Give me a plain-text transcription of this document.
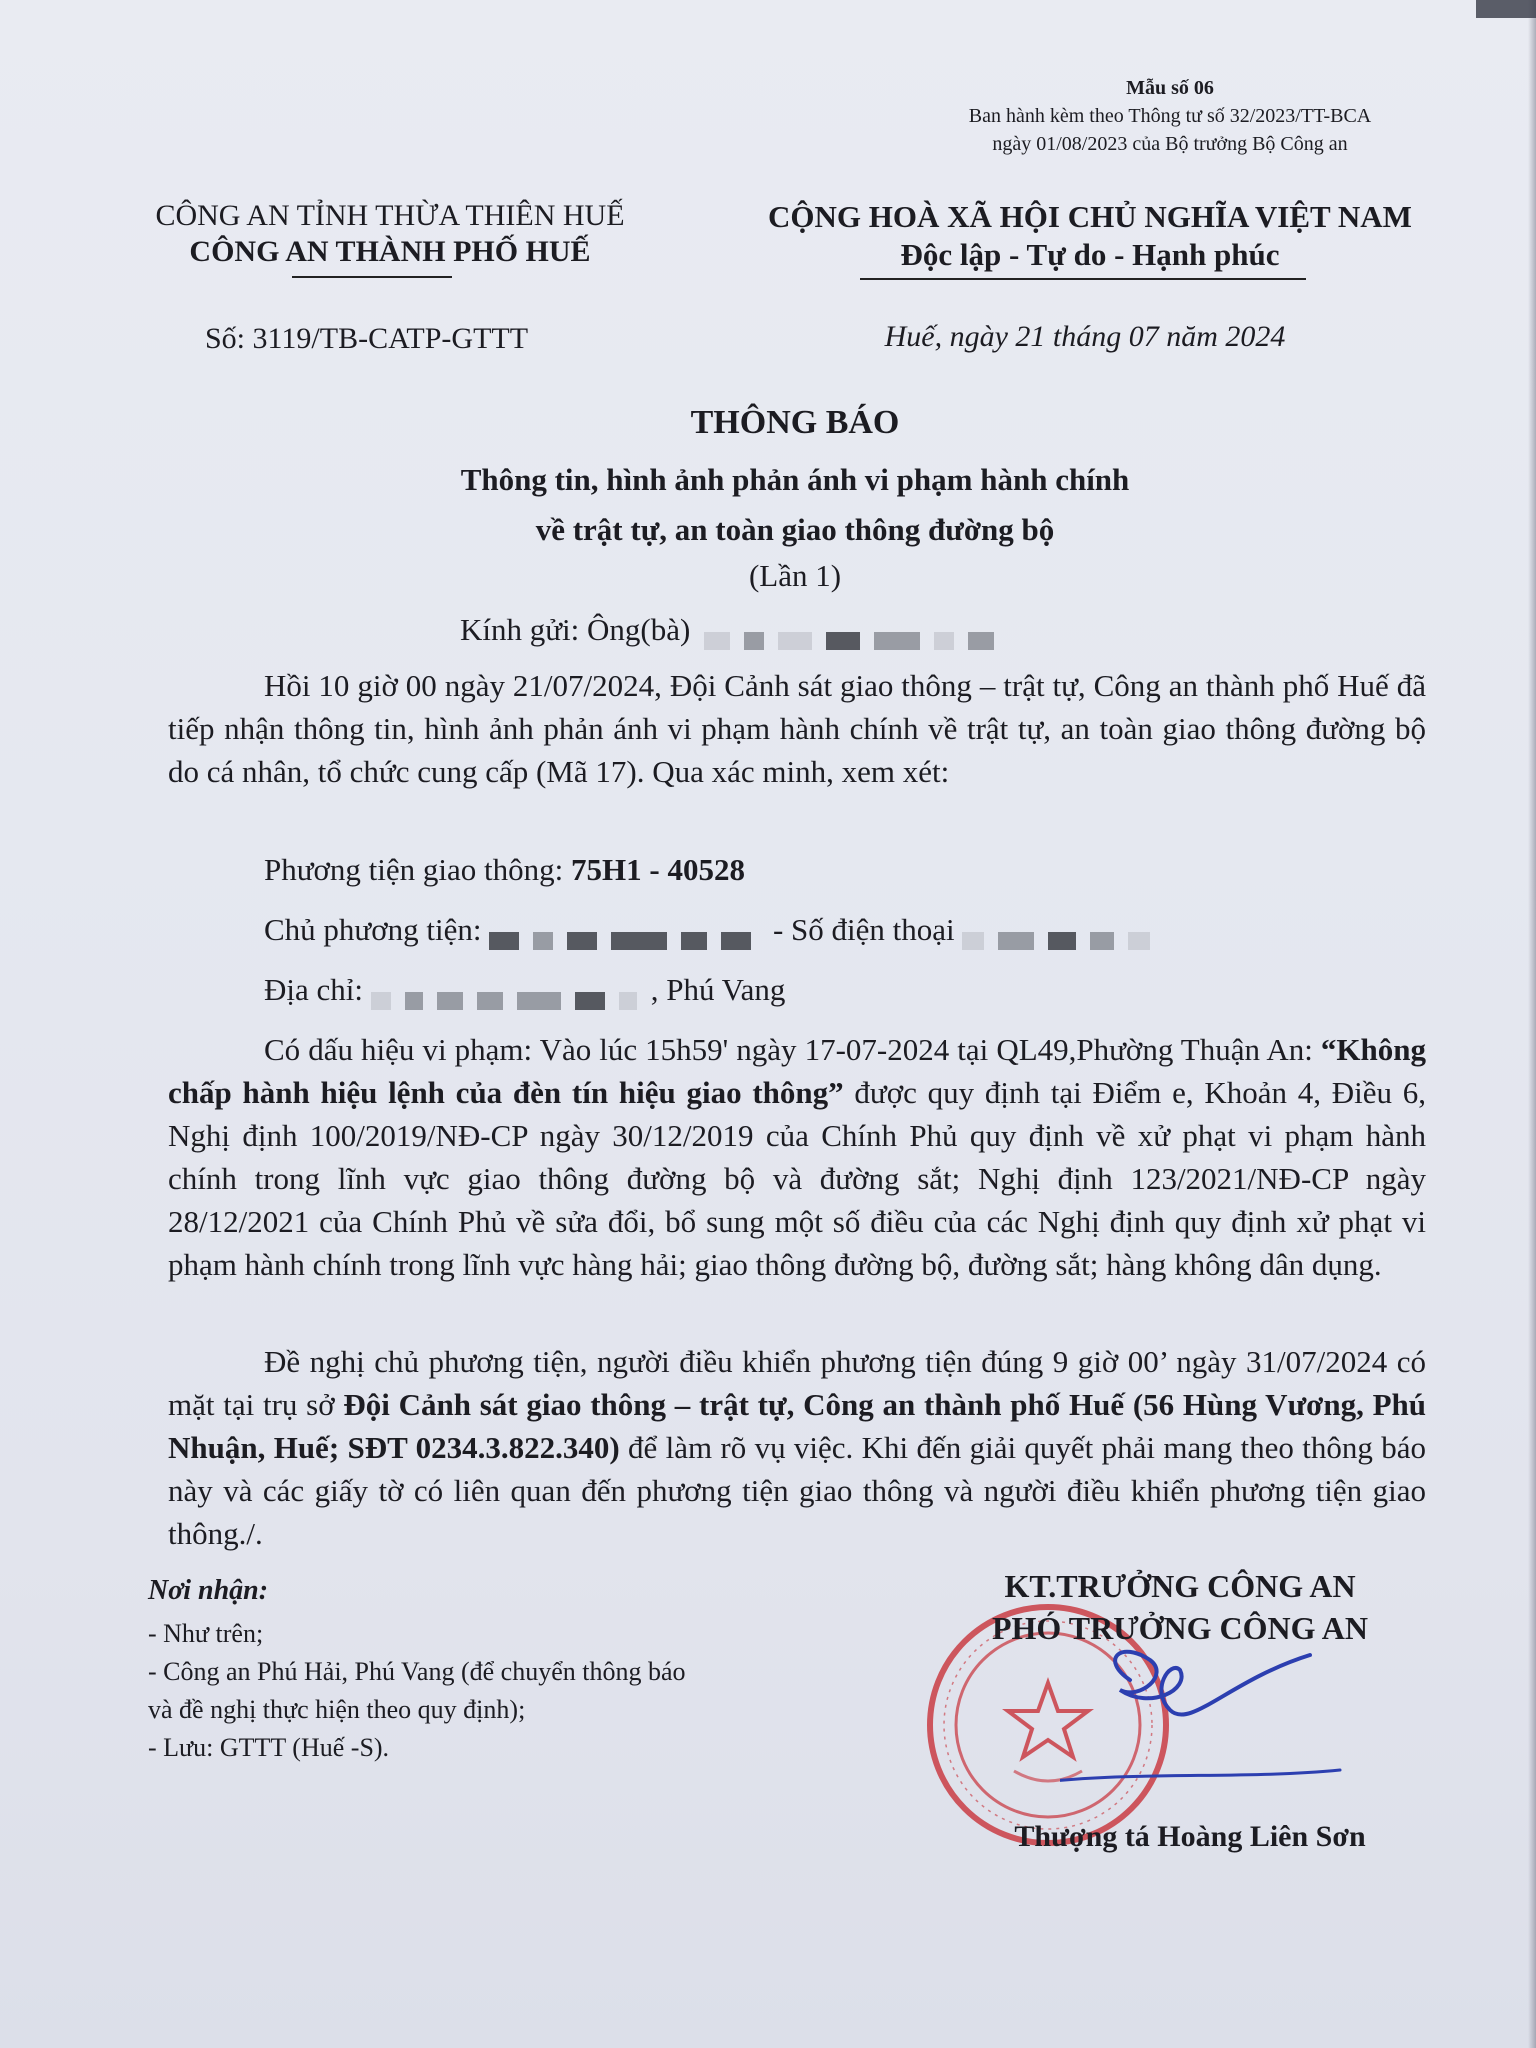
Mẫu số 06
Ban hành kèm theo Thông tư số 32/2023/TT-BCA
ngày 01/08/2023 của Bộ trưởng Bộ Công an
CÔNG AN TỈNH THỪA THIÊN HUẾ
CÔNG AN THÀNH PHỐ HUẾ
CỘNG HOÀ XÃ HỘI CHỦ NGHĨA VIỆT NAM
Độc lập - Tự do - Hạnh phúc
Số: 3119/TB-CATP-GTTT	Huế, ngày 21 tháng 07 năm 2024
THÔNG BÁO
Thông tin, hình ảnh phản ánh vi phạm hành chính
về trật tự, an toàn giao thông đường bộ
(Lần 1)
Kính gửi: Ông(bà)
Hồi 10 giờ 00 ngày 21/07/2024, Đội Cảnh sát giao thông – trật tự, Công an thành phố Huế đã tiếp nhận thông tin, hình ảnh phản ánh vi phạm hành chính về trật tự, an toàn giao thông đường bộ do cá nhân, tổ chức cung cấp (Mã 17). Qua xác minh, xem xét:
Phương tiện giao thông: 75H1 - 40528
Chủ phương tiện:	- Số điện thoại
Địa chỉ:	, Phú Vang
Có dấu hiệu vi phạm: Vào lúc 15h59' ngày 17-07-2024 tại QL49,Phường Thuận An: “Không chấp hành hiệu lệnh của đèn tín hiệu giao thông” được quy định tại Điểm e, Khoản 4, Điều 6, Nghị định 100/2019/NĐ-CP ngày 30/12/2019 của Chính Phủ quy định về xử phạt vi phạm hành chính trong lĩnh vực giao thông đường bộ và đường sắt; Nghị định 123/2021/NĐ-CP ngày 28/12/2021 của Chính Phủ về sửa đổi, bổ sung một số điều của các Nghị định quy định xử phạt vi phạm hành chính trong lĩnh vực hàng hải; giao thông đường bộ, đường sắt; hàng không dân dụng.
Đề nghị chủ phương tiện, người điều khiển phương tiện đúng 9 giờ 00’ ngày 31/07/2024 có mặt tại trụ sở Đội Cảnh sát giao thông – trật tự, Công an thành phố Huế (56 Hùng Vương, Phú Nhuận, Huế; SĐT 0234.3.822.340) để làm rõ vụ việc. Khi đến giải quyết phải mang theo thông báo này và các giấy tờ có liên quan đến phương tiện giao thông và người điều khiển phương tiện giao thông./.
Nơi nhận:
- Như trên;
- Công an Phú Hải, Phú Vang (để chuyển thông báo
và đề nghị thực hiện theo quy định);
- Lưu: GTTT (Huế -S).
KT.TRƯỞNG CÔNG AN
PHÓ TRƯỞNG CÔNG AN
Thượng tá Hoàng Liên Sơn
